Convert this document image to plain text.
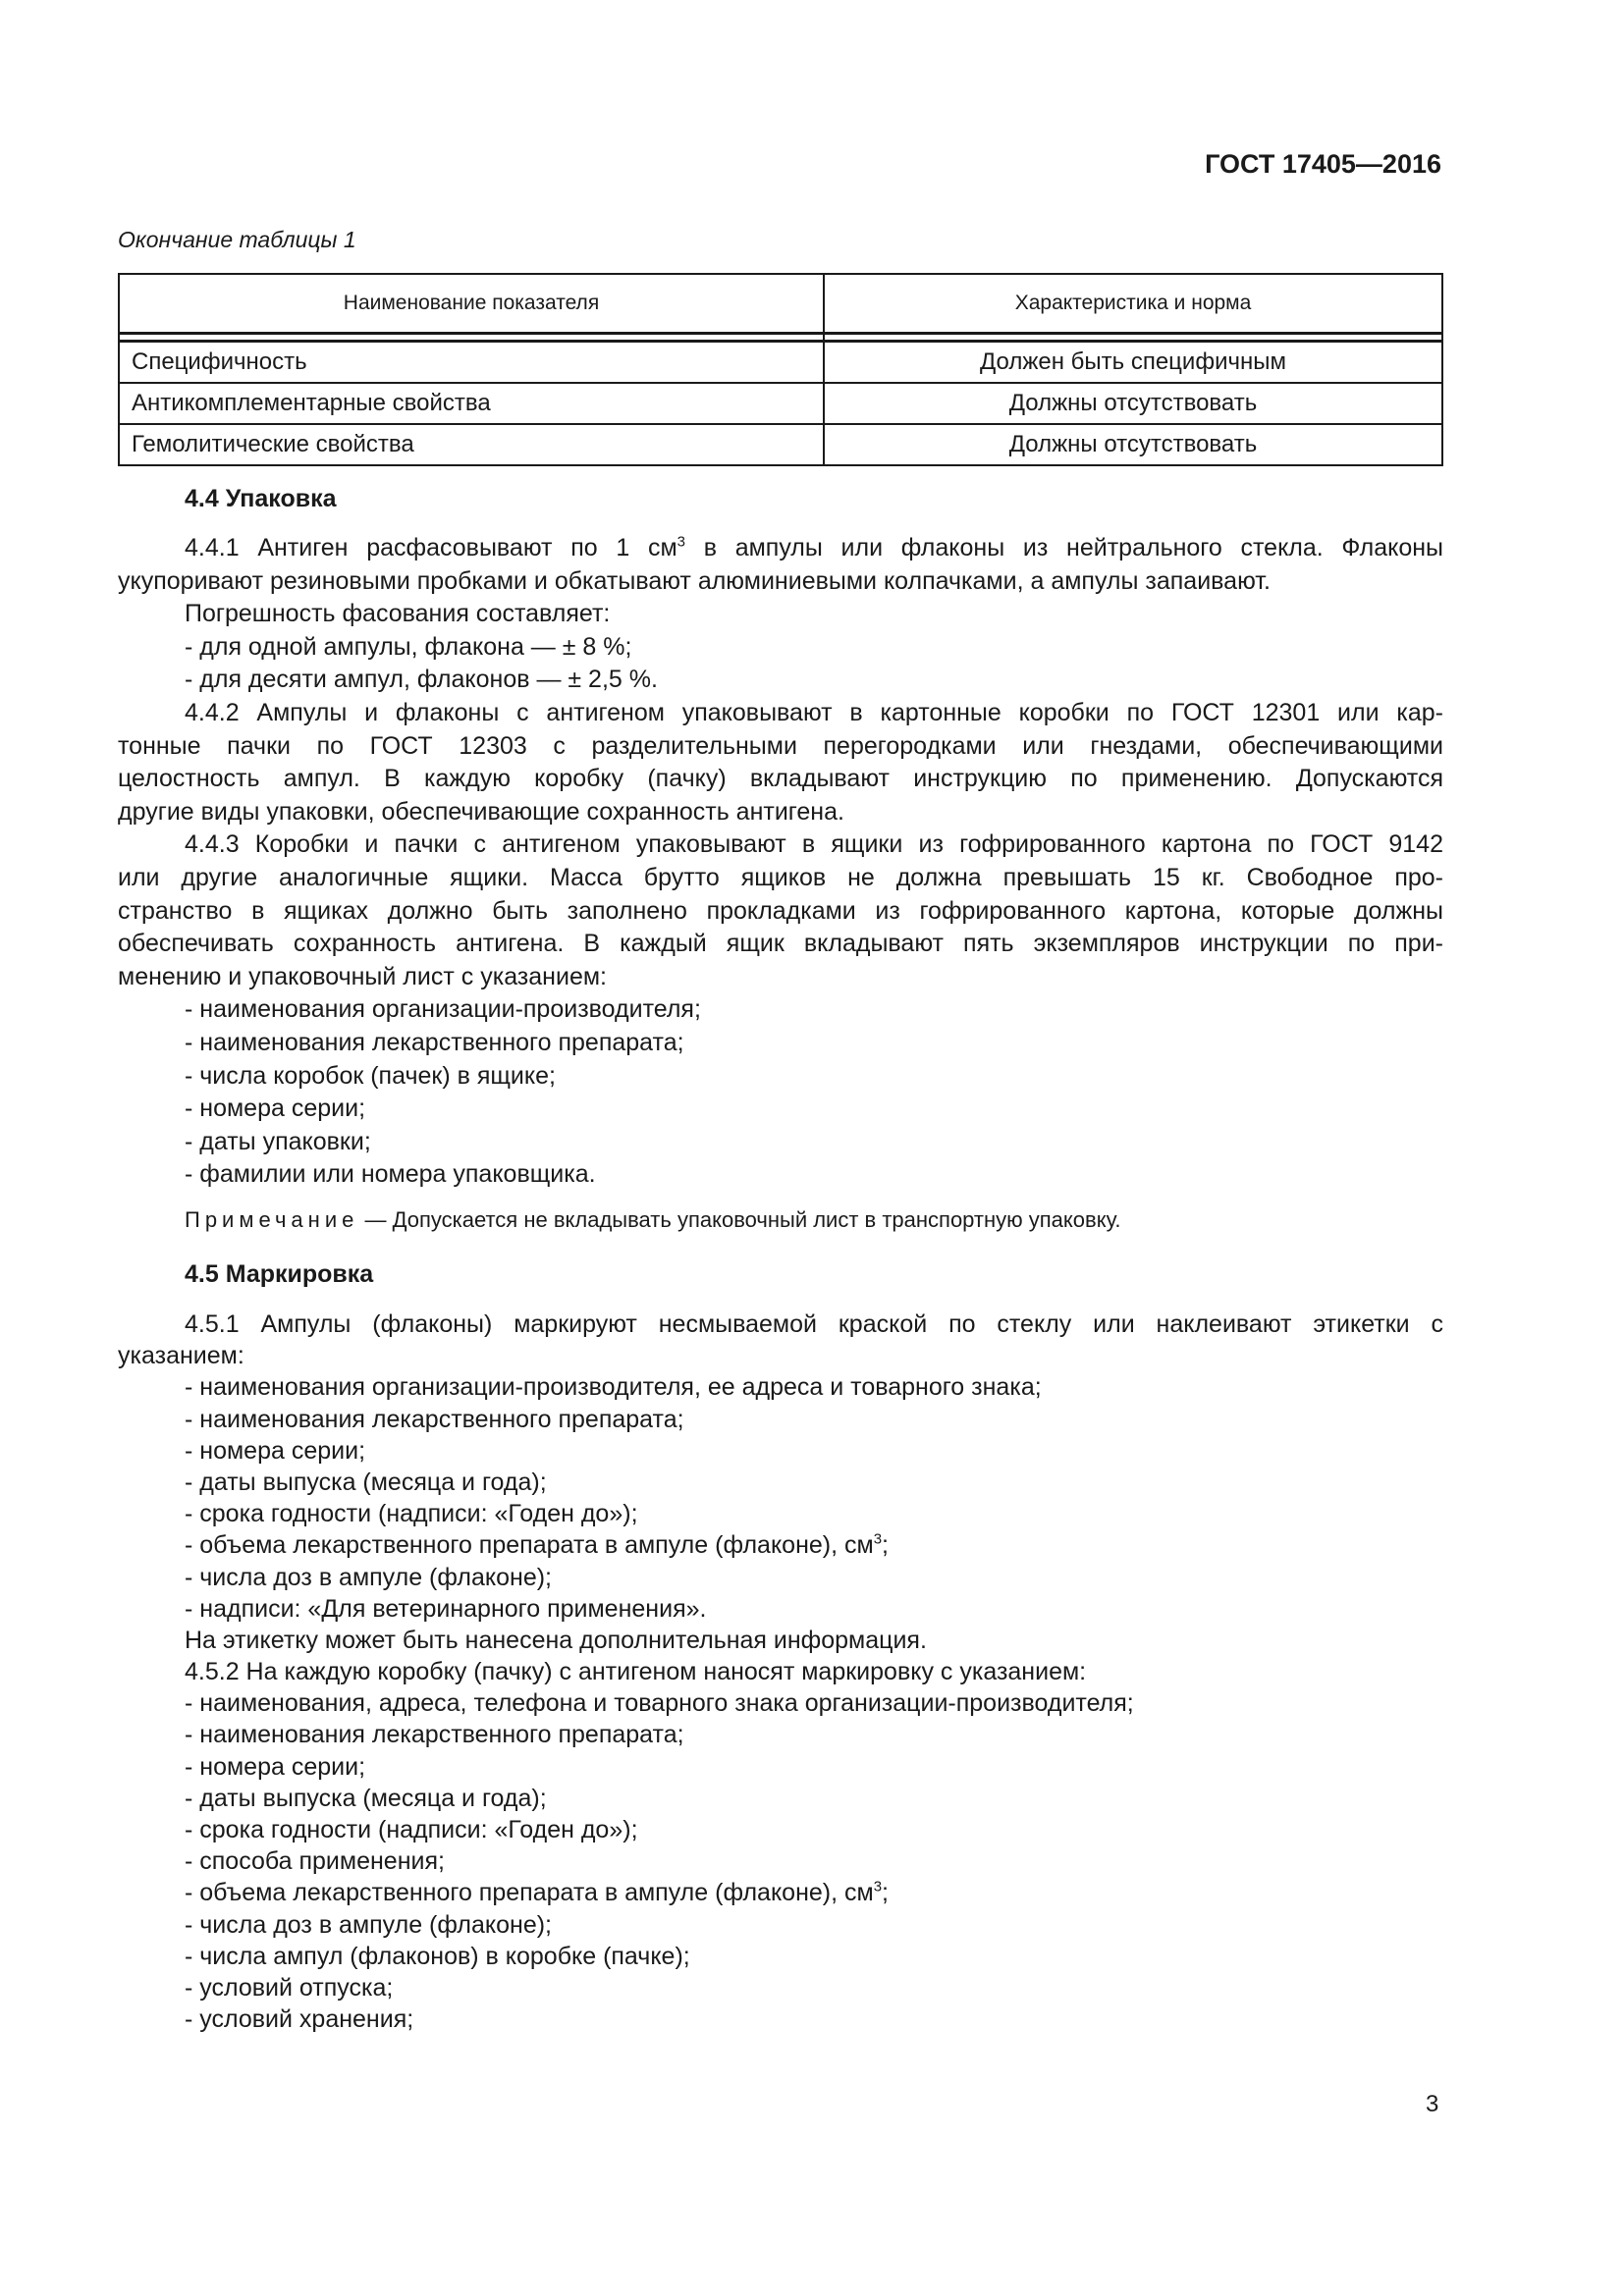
ГОСТ 17405—2016
Окончание таблицы 1
Наименование показателя	Характеристика и норма

Специфичность	Должен быть специфичным
Антикомплементарные свойства	Должны отсутствовать
Гемолитические свойства	Должны отсутствовать
4.4 Упаковка
4.4.1 Антиген расфасовывают по 1 $см^3$ в ампулы или флаконы из нейтрального стекла. Флаконы
укупоривают резиновыми пробками и обкатывают алюминиевыми колпачками, а ампулы запаивают.
Погрешность фасования составляет:
- для одной ампулы, флакона — ± 8 %;
- для десяти ампул, флаконов — ± 2,5 %.
4.4.2 Ампулы и флаконы с антигеном упаковывают в картонные коробки по ГОСТ 12301 или кар-
тонные пачки по ГОСТ 12303 с разделительными перегородками или гнездами, обеспечивающими
целостность ампул. В каждую коробку (пачку) вкладывают инструкцию по применению. Допускаются
другие виды упаковки, обеспечивающие сохранность антигена.
4.4.3 Коробки и пачки с антигеном упаковывают в ящики из гофрированного картона по ГОСТ 9142
или другие аналогичные ящики. Масса брутто ящиков не должна превышать 15 кг. Свободное про-
странство в ящиках должно быть заполнено прокладками из гофрированного картона, которые должны
обеспечивать сохранность антигена. В каждый ящик вкладывают пять экземпляров инструкции по при-
менению и упаковочный лист с указанием:
- наименования организации-производителя;
- наименования лекарственного препарата;
- числа коробок (пачек) в ящике;
- номера серии;
- даты упаковки;
- фамилии или номера упаковщика.
Примечание — Допускается не вкладывать упаковочный лист в транспортную упаковку.
4.5 Маркировка
4.5.1 Ампулы (флаконы) маркируют несмываемой краской по стеклу или наклеивают этикетки с
указанием:
- наименования организации-производителя, ее адреса и товарного знака;
- наименования лекарственного препарата;
- номера серии;
- даты выпуска (месяца и года);
- срока годности (надписи: «Годен до»);
- объема лекарственного препарата в ампуле (флаконе), $см^3$;
- числа доз в ампуле (флаконе);
- надписи: «Для ветеринарного применения».
На этикетку может быть нанесена дополнительная информация.
4.5.2 На каждую коробку (пачку) с антигеном наносят маркировку с указанием:
- наименования, адреса, телефона и товарного знака организации-производителя;
- наименования лекарственного препарата;
- номера серии;
- даты выпуска (месяца и года);
- срока годности (надписи: «Годен до»);
- способа применения;
- объема лекарственного препарата в ампуле (флаконе), $см^3$;
- числа доз в ампуле (флаконе);
- числа ампул (флаконов) в коробке (пачке);
- условий отпуска;
- условий хранения;
3
